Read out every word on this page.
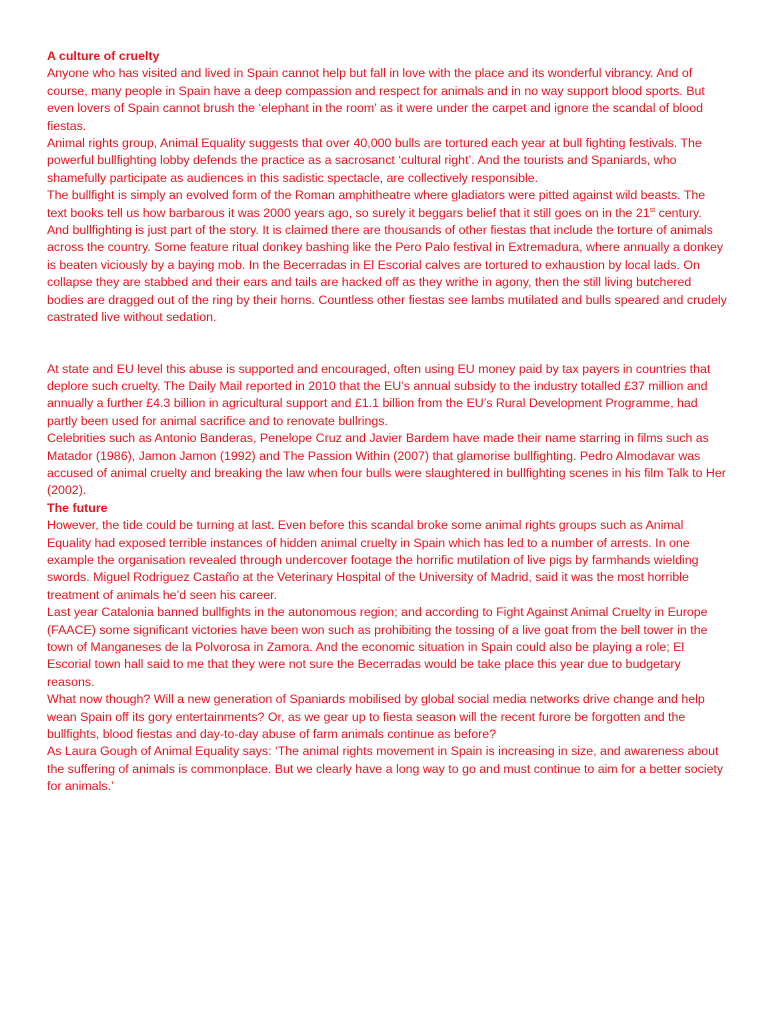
A culture of cruelty

Anyone who has visited and lived in Spain cannot help but fall in love with the place and its wonderful vibrancy. And of course, many people in Spain have a deep compassion and respect for animals and in no way support blood sports. But even lovers of Spain cannot brush the ‘elephant in the room’ as it were under the carpet and ignore the scandal of blood fiestas.

Animal rights group, Animal Equality suggests that over 40,000 bulls are tortured each year at bull fighting festivals. The powerful bullfighting lobby defends the practice as a sacrosanct ‘cultural right’. And the tourists and Spaniards, who shamefully participate as audiences in this sadistic spectacle, are collectively responsible.

The bullfight is simply an evolved form of the Roman amphitheatre where gladiators were pitted against wild beasts. The text books tell us how barbarous it was 2000 years ago, so surely it beggars belief that it still goes on in the 21st century.

And bullfighting is just part of the story. It is claimed there are thousands of other fiestas that include the torture of animals across the country. Some feature ritual donkey bashing like the Pero Palo festival in Extremadura, where annually a donkey is beaten viciously by a baying mob. In the Becerradas in El Escorial calves are tortured to exhaustion by local lads. On collapse they are stabbed and their ears and tails are hacked off as they writhe in agony, then the still living butchered bodies are dragged out of the ring by their horns. Countless other fiestas see lambs mutilated and bulls speared and crudely castrated live without sedation.

At state and EU level this abuse is supported and encouraged, often using EU money paid by tax payers in countries that deplore such cruelty. The Daily Mail reported in 2010 that the EU’s annual subsidy to the industry totalled £37 million and annually a further £4.3 billion in agricultural support and £1.1 billion from the EU’s Rural Development Programme, had partly been used for animal sacrifice and to renovate bullrings.

Celebrities such as Antonio Banderas, Penelope Cruz and Javier Bardem have made their name starring in films such as Matador (1986), Jamon Jamon (1992) and The Passion Within (2007) that glamorise bullfighting. Pedro Almodavar was accused of animal cruelty and breaking the law when four bulls were slaughtered in bullfighting scenes in his film Talk to Her (2002).

The future

However, the tide could be turning at last. Even before this scandal broke some animal rights groups such as Animal Equality had exposed terrible instances of hidden animal cruelty in Spain which has led to a number of arrests. In one example the organisation revealed through undercover footage the horrific mutilation of live pigs by farmhands wielding swords. Miguel Rodriguez Castaño at the Veterinary Hospital of the University of Madrid, said it was the most horrible treatment of animals he’d seen his career.

Last year Catalonia banned bullfights in the autonomous region; and according to Fight Against Animal Cruelty in Europe (FAACE) some significant victories have been won such as prohibiting the tossing of a live goat from the bell tower in the town of Manganeses de la Polvorosa in Zamora. And the economic situation in Spain could also be playing a role; El Escorial town hall said to me that they were not sure the Becerradas would be take place this year due to budgetary reasons.

What now though? Will a new generation of Spaniards mobilised by global social media networks drive change and help wean Spain off its gory entertainments? Or, as we gear up to fiesta season will the recent furore be forgotten and the bullfights, blood fiestas and day-to-day abuse of farm animals continue as before?

As Laura Gough of Animal Equality says: ‘The animal rights movement in Spain is increasing in size, and awareness about the suffering of animals is commonplace. But we clearly have a long way to go and must continue to aim for a better society for animals.’
